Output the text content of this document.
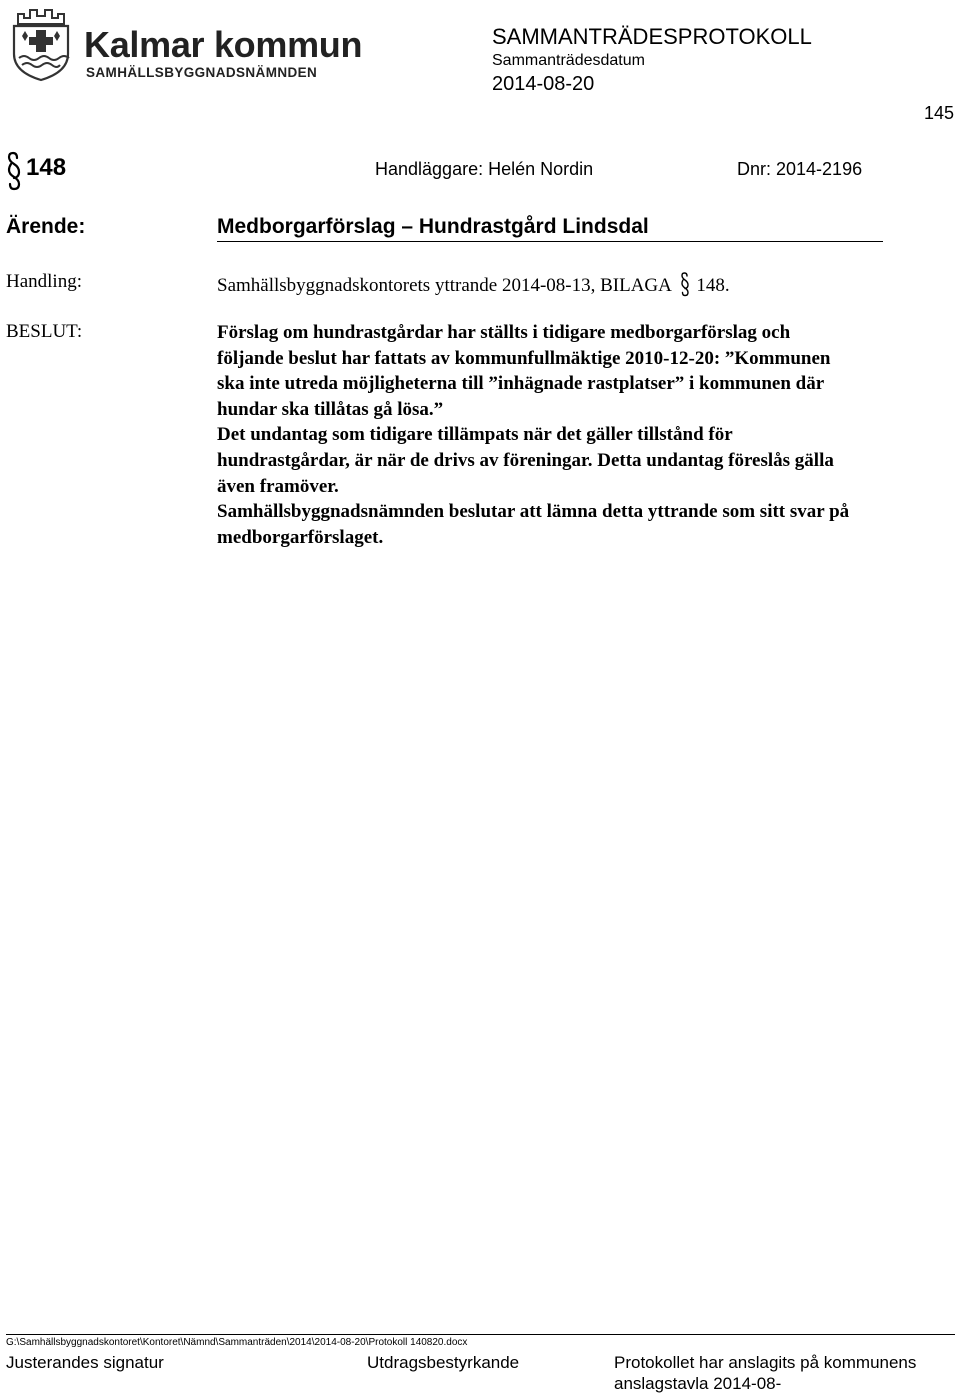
Kalmar kommun
SAMHÄLLSBYGGNADSNÄMNDEN
SAMMANTRÄDESPROTOKOLL
Sammanträdesdatum
2014-08-20
145
148	Handläggare: Helén Nordin	Dnr: 2014-2196
Ärende:	Medborgarförslag – Hundrastgård Lindsdal
Handling:	Samhällsbyggnadskontorets yttrande 2014-08-13, BILAGA 148.
BESLUT:	Förslag om hundrastgårdar har ställts i tidigare medborgarförslag och
följande beslut har fattats av kommunfullmäktige 2010-12-20: ”Kommunen
ska inte utreda möjligheterna till ”inhägnade rastplatser” i kommunen där
hundar ska tillåtas gå lösa.”
Det undantag som tidigare tillämpats när det gäller tillstånd för
hundrastgårdar, är när de drivs av föreningar. Detta undantag föreslås gälla
även framöver.
Samhällsbyggnadsnämnden beslutar att lämna detta yttrande som sitt svar på
medborgarförslaget.
G:\Samhällsbyggnadskontoret\Kontoret\Nämnd\Sammanträden\2014\2014-08-20\Protokoll 140820.docx
Justerandes signatur	Utdragsbestyrkande	Protokollet har anslagits på kommunens
anslagstavla 2014-08-
